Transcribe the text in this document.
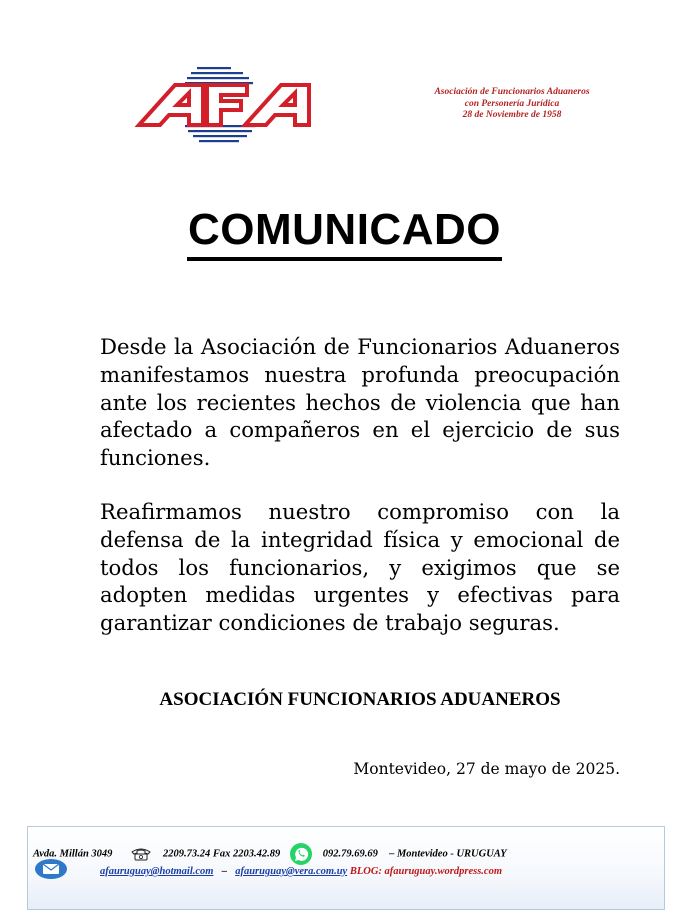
Asociación de Funcionarios Aduaneros
con Personería Jurídica
28 de Noviembre de 1958
COMUNICADO

Desde la Asociación de Funcionarios Aduaneros manifestamos nuestra profunda preocupación ante los recientes hechos de violencia que han afectado a compañeros en el ejercicio de sus funciones.

Reafirmamos nuestro compromiso con la defensa de la integridad física y emocional de todos los funcionarios, y exigimos que se adopten medidas urgentes y efectivas para garantizar condiciones de trabajo seguras.

ASOCIACIÓN FUNCIONARIOS ADUANEROS
Montevideo, 27 de mayo de 2025.
Avda. Millán 3049	2209.73.24 Fax 2203.42.89	092.79.69.69 – Montevideo - URUGUAY
afauruguay@hotmail.com – afauruguay@vera.com.uy BLOG: afauruguay.wordpress.com
